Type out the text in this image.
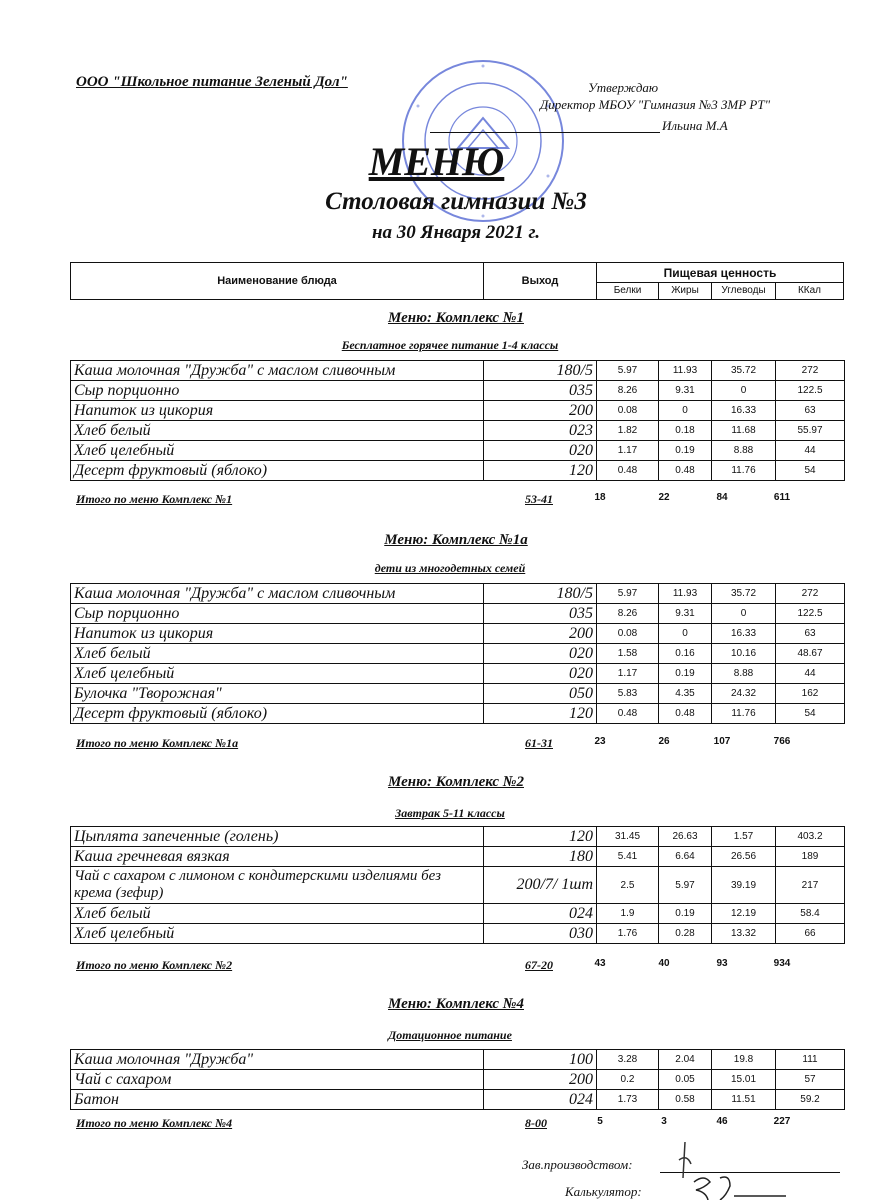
ООО "Школьное питание Зеленый Дол"	Утверждаю
Директор МБОУ "Гимназия №3 ЗМР РТ"
Ильина М.А
МЕНЮ
Столовая гимназии №3
на 30 Января 2021 г.
Наименование блюда	Выход
Пищевая ценность
Белки	Жиры	Углеводы	ККал
Меню: Комплекс №1
Бесплатное горячее питание 1-4 классы
Каша молочная "Дружба" с маслом сливочным	180/5	5.97	11.93	35.72	272
Сыр порционно	035	8.26	9.31	0	122.5
Напиток из цикория	200	0.08	0	16.33	63
Хлеб белый	023	1.82	0.18	11.68	55.97
Хлеб целебный	020	1.17	0.19	8.88	44
Десерт фруктовый (яблоко)	120	0.48	0.48	11.76	54
Итого по меню Комплекс №1	53-41	18	22	84	611
Меню: Комплекс №1а
дети из многодетных семей
Каша молочная "Дружба" с маслом сливочным	180/5	5.97	11.93	35.72	272
Сыр порционно	035	8.26	9.31	0	122.5
Напиток из цикория	200	0.08	0	16.33	63
Хлеб белый	020	1.58	0.16	10.16	48.67
Хлеб целебный	020	1.17	0.19	8.88	44
Булочка "Творожная"	050	5.83	4.35	24.32	162
Десерт фруктовый (яблоко)	120	0.48	0.48	11.76	54
Итого по меню Комплекс №1а	61-31	23	26	107	766
Меню: Комплекс №2
Завтрак 5-11 классы
Цыплята запеченные (голень)	120	31.45	26.63	1.57	403.2
Каша гречневая вязкая	180	5.41	6.64	26.56	189
Чай с сахаром с лимоном с кондитерскими изделиями без крема (зефир)	200/7/ 1шт	2.5	5.97	39.19	217
Хлеб белый	024	1.9	0.19	12.19	58.4
Хлеб целебный	030	1.76	0.28	13.32	66
Итого по меню Комплекс №2	67-20	43	40	93	934
Меню: Комплекс №4
Дотационное питание
Каша молочная "Дружба"	100	3.28	2.04	19.8	111
Чай с сахаром	200	0.2	0.05	15.01	57
Батон	024	1.73	0.58	11.51	59.2
Итого по меню Комплекс №4	8-00	5	3	46	227
Зав.производством:
Калькулятор:
